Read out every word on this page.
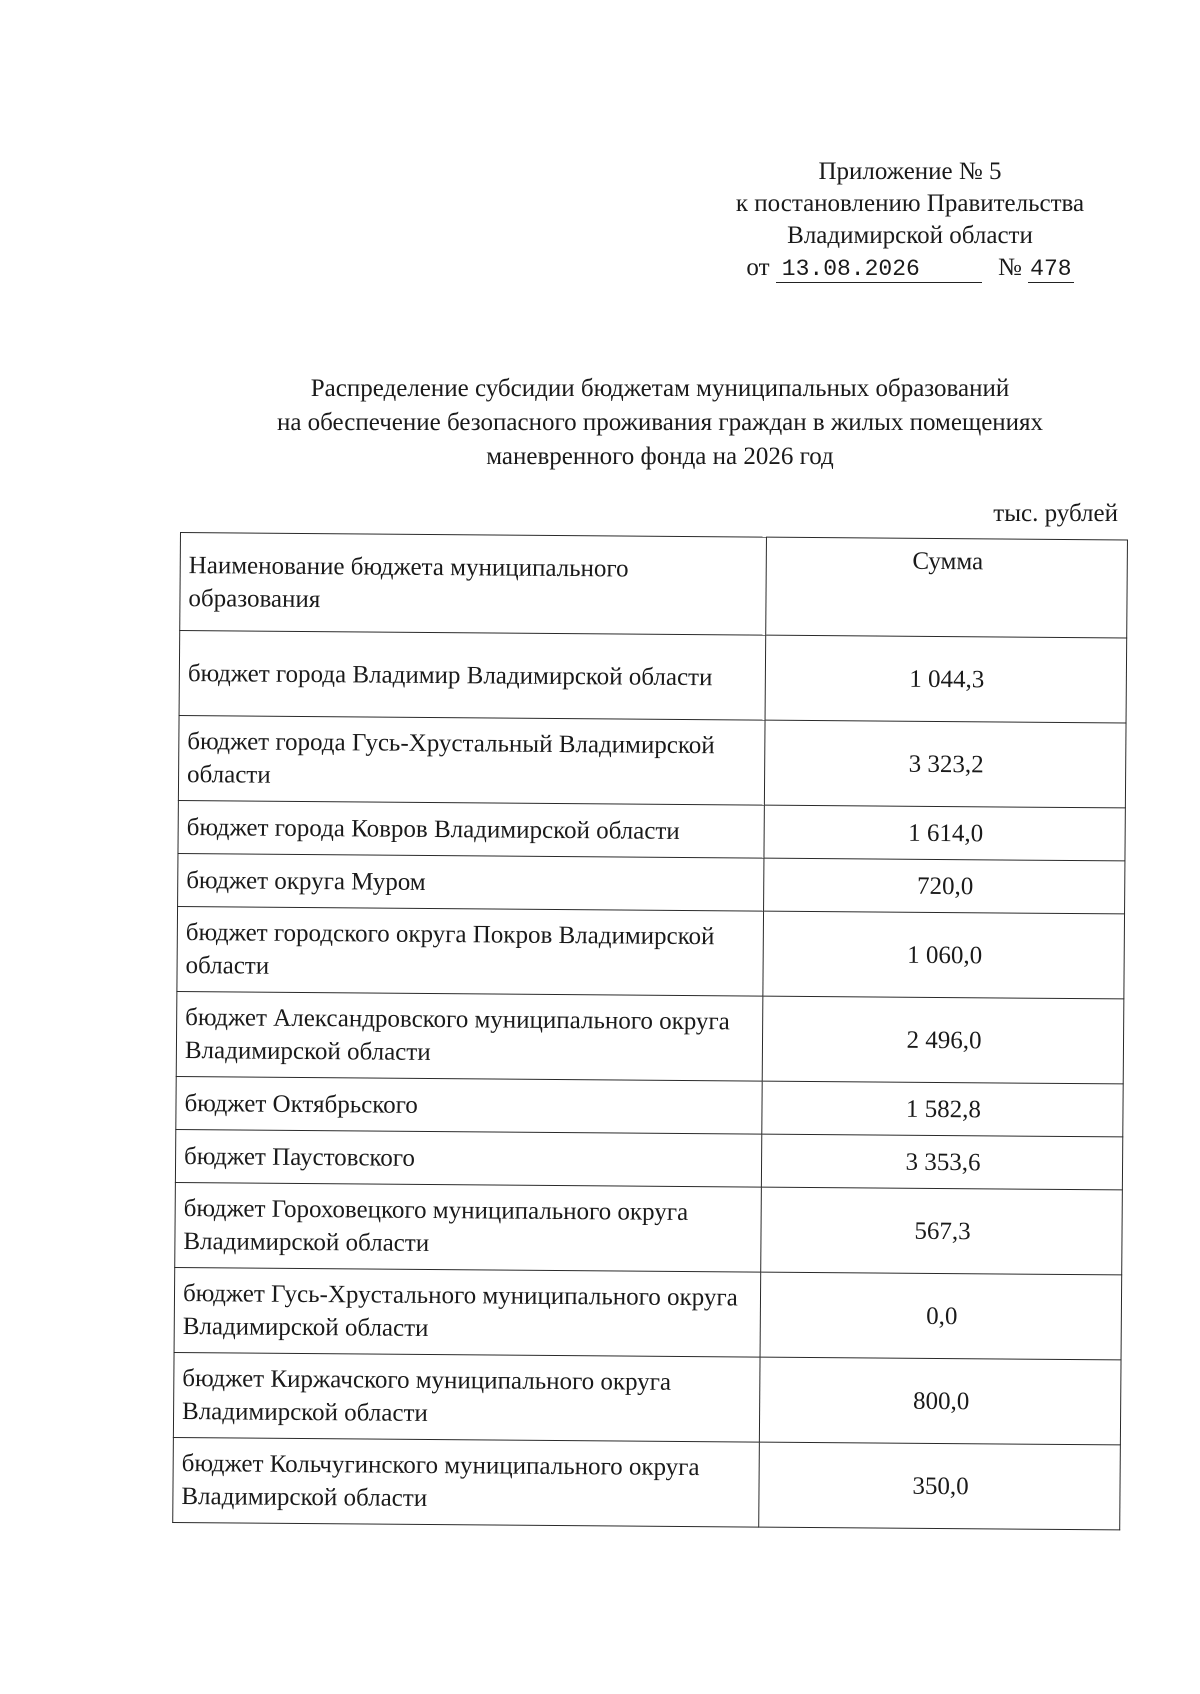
Приложение № 5
к постановлению Правительства
Владимирской области
от 13.08.2026	№ 478
Распределение субсидии бюджетам муниципальных образований
на обеспечение безопасного проживания граждан в жилых помещениях
маневренного фонда на 2026 год
тыс. рублей
Наименование бюджета муниципального образования	Сумма
бюджет города Владимир Владимирской области	1 044,3
бюджет города Гусь-Хрустальный Владимирской области	3 323,2
бюджет города Ковров Владимирской области	1 614,0
бюджет округа Муром	720,0
бюджет городского округа Покров Владимирской области	1 060,0
бюджет Александровского муниципального округа Владимирской области	2 496,0
бюджет Октябрьского	1 582,8
бюджет Паустовского	3 353,6
бюджет Гороховецкого муниципального округа Владимирской области	567,3
бюджет Гусь-Хрустального муниципального округа Владимирской области	0,0
бюджет Киржачского муниципального округа Владимирской области	800,0
бюджет Кольчугинского муниципального округа Владимирской области	350,0
